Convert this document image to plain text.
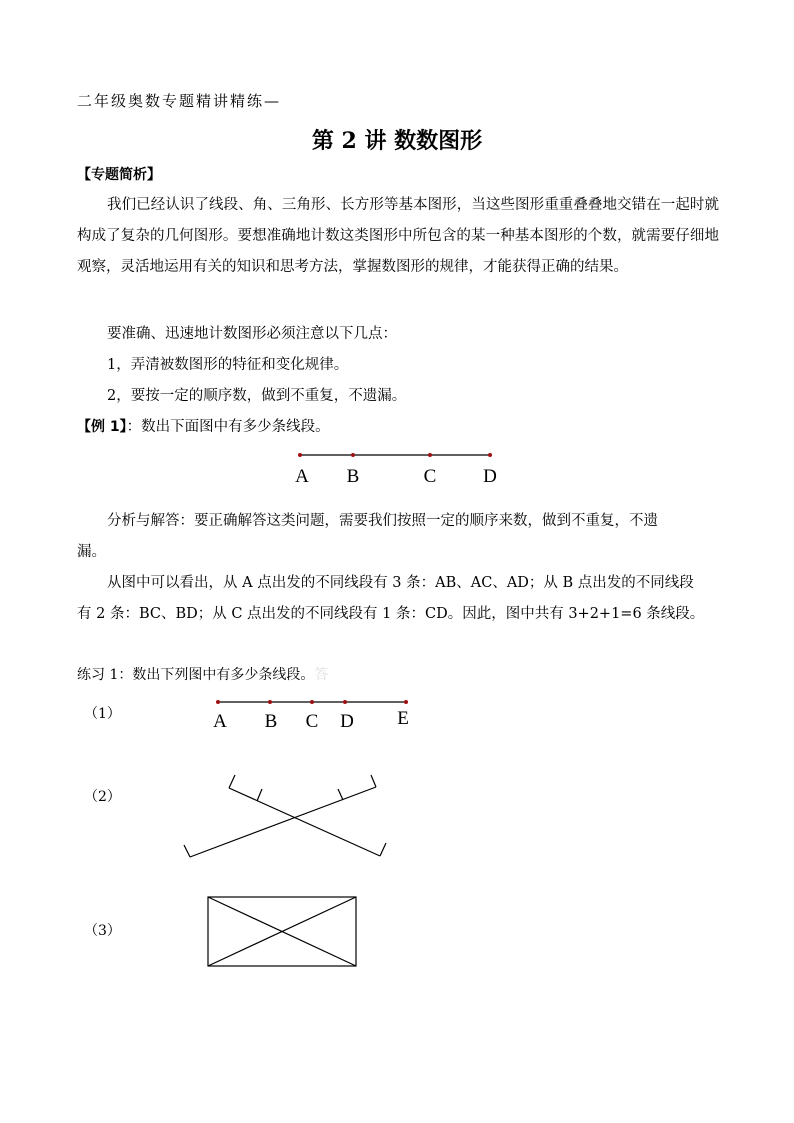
二年级奥数专题精讲精练—
第 2 讲 数数图形
【专题简析】
我们已经认识了线段、角、三角形、长方形等基本图形，当这些图形重重叠叠地交错在一起时就构成了复杂的几何图形。要想准确地计数这类图形中所包含的某一种基本图形的个数，就需要仔细地观察，灵活地运用有关的知识和思考方法，掌握数图形的规律，才能获得正确的结果。
要准确、迅速地计数图形必须注意以下几点：
1，弄清被数图形的特征和变化规律。
2，要按一定的顺序数，做到不重复，不遗漏。
【例 1】：数出下面图中有多少条线段。
分析与解答：要正确解答这类问题，需要我们按照一定的顺序来数，做到不重复，不遗
漏。
从图中可以看出，从 A 点出发的不同线段有 3 条：AB、AC、AD；从 B 点出发的不同线段
有 2 条：BC、BD；从 C 点出发的不同线段有 1 条：CD。因此，图中共有 3+2+1=6 条线段。
练习 1：数出下列图中有多少条线段。答
（1）
（2）
（3）
A B	C D
A B C D E
